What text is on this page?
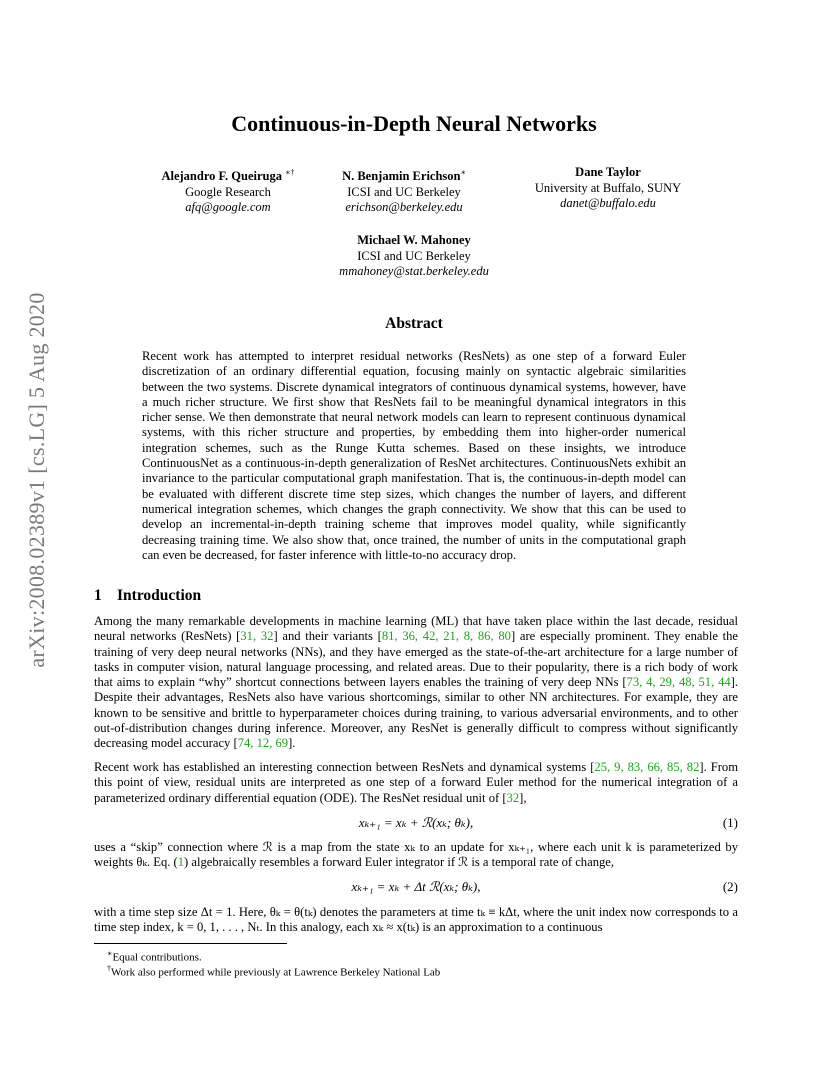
arXiv:2008.02389v1 [cs.LG] 5 Aug 2020
Continuous-in-Depth Neural Networks
Alejandro F. Queiruga ∗†
Google Research
afq@google.com
N. Benjamin Erichson∗
ICSI and UC Berkeley
erichson@berkeley.edu
Dane Taylor
University at Buffalo, SUNY
danet@buffalo.edu
Michael W. Mahoney
ICSI and UC Berkeley
mmahoney@stat.berkeley.edu
Abstract
Recent work has attempted to interpret residual networks (ResNets) as one step of a forward Euler discretization of an ordinary differential equation, focusing mainly on syntactic algebraic similarities between the two systems. Discrete dynamical integrators of continuous dynamical systems, however, have a much richer structure. We first show that ResNets fail to be meaningful dynamical integrators in this richer sense. We then demonstrate that neural network models can learn to represent continuous dynamical systems, with this richer structure and properties, by embedding them into higher-order numerical integration schemes, such as the Runge Kutta schemes. Based on these insights, we introduce ContinuousNet as a continuous-in-depth generalization of ResNet architectures. ContinuousNets exhibit an invariance to the particular computational graph manifestation. That is, the continuous-in-depth model can be evaluated with different discrete time step sizes, which changes the number of layers, and different numerical integration schemes, which changes the graph connectivity. We show that this can be used to develop an incremental-in-depth training scheme that improves model quality, while significantly decreasing training time. We also show that, once trained, the number of units in the computational graph can even be decreased, for faster inference with little-to-no accuracy drop.
1 Introduction
Among the many remarkable developments in machine learning (ML) that have taken place within the last decade, residual neural networks (ResNets) [31, 32] and their variants [81, 36, 42, 21, 8, 86, 80] are especially prominent. They enable the training of very deep neural networks (NNs), and they have emerged as the state-of-the-art architecture for a large number of tasks in computer vision, natural language processing, and related areas. Due to their popularity, there is a rich body of work that aims to explain “why” shortcut connections between layers enables the training of very deep NNs [73, 4, 29, 48, 51, 44]. Despite their advantages, ResNets also have various shortcomings, similar to other NN architectures. For example, they are known to be sensitive and brittle to hyperparameter choices during training, to various adversarial environments, and to other out-of-distribution changes during inference. Moreover, any ResNet is generally difficult to compress without significantly decreasing model accuracy [74, 12, 69].
Recent work has established an interesting connection between ResNets and dynamical systems [25, 9, 83, 66, 85, 82]. From this point of view, residual units are interpreted as one step of a forward Euler method for the numerical integration of a parameterized ordinary differential equation (ODE). The ResNet residual unit of [32],
xₖ₊₁ = xₖ + ℛ(xₖ; θₖ),	(1)
uses a “skip” connection where ℛ is a map from the state xₖ to an update for xₖ₊₁, where each unit k is parameterized by weights θₖ. Eq. (1) algebraically resembles a forward Euler integrator if ℛ is a temporal rate of change,
xₖ₊₁ = xₖ + Δt ℛ(xₖ; θₖ),	(2)
with a time step size Δt = 1. Here, θₖ = θ(tₖ) denotes the parameters at time tₖ ≡ kΔt, where the unit index now corresponds to a time step index, k = 0, 1, . . . , Nₜ. In this analogy, each xₖ ≈ x(tₖ) is an approximation to a continuous
∗Equal contributions.
†Work also performed while previously at Lawrence Berkeley National Lab
